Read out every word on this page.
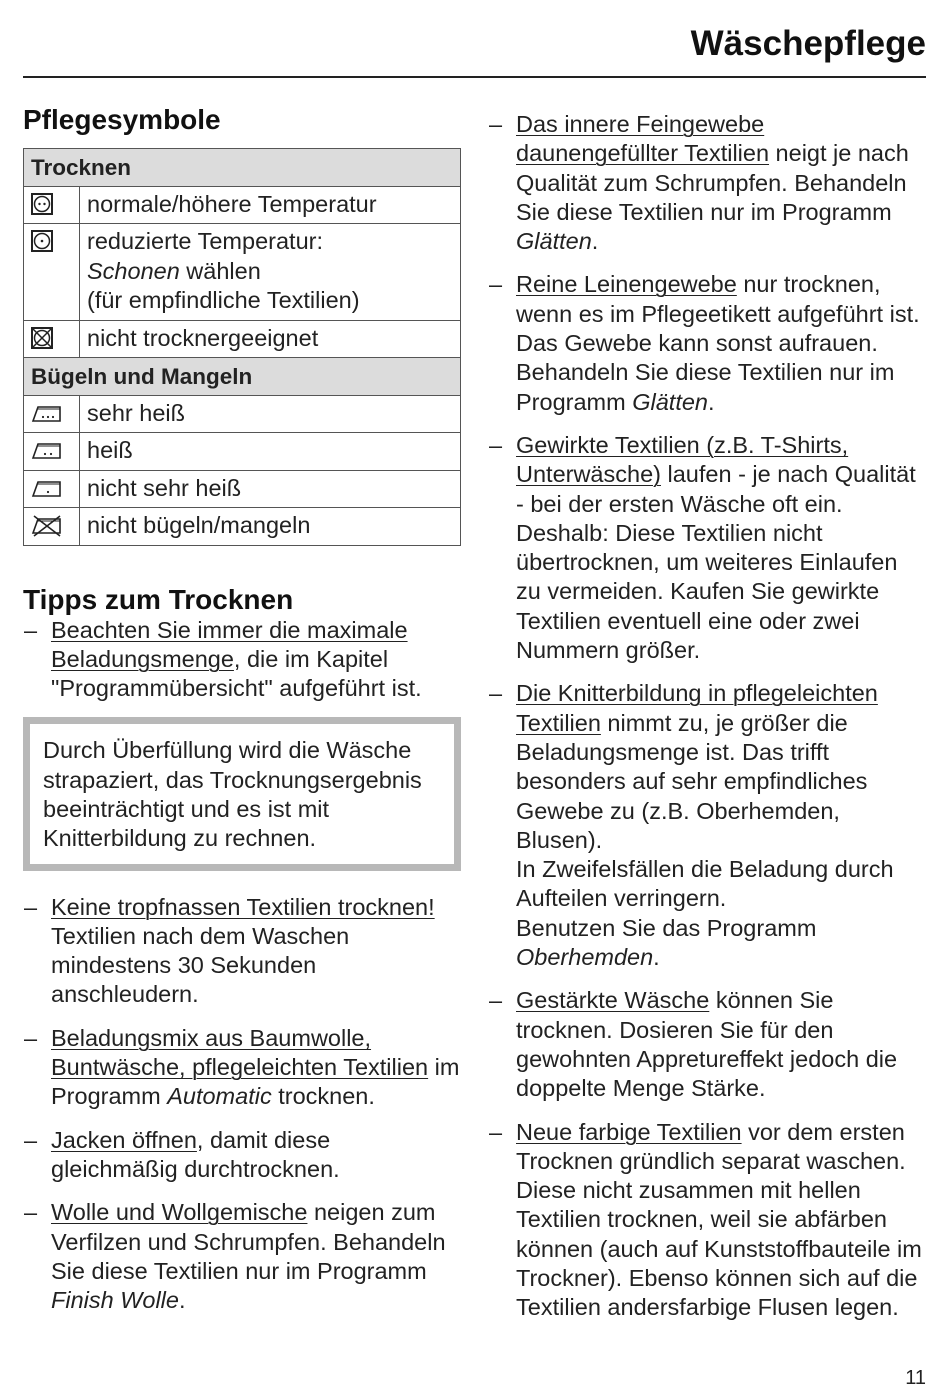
Wäschepflege
Pflegesymbole
Trocknen	

	normale/höhere Temperatur

	reduzierte Temperatur:
Schonen wählen
(für empfindliche Textilien)

	nicht trocknergeeignet
Bügeln und Mangeln	

	sehr heiß

	heiß

	nicht sehr heiß

	nicht bügeln/mangeln
Tipps zum Trocknen
– Beachten Sie immer die maximale Beladungsmenge, die im Kapitel "Programmübersicht" aufgeführt ist.
Durch Überfüllung wird die Wäsche strapaziert, das Trocknungsergebnis beeinträchtigt und es ist mit Knitterbildung zu rechnen.
– Keine tropfnassen Textilien trocknen! Textilien nach dem Waschen mindestens 30 Sekunden anschleudern.
– Beladungsmix aus Baumwolle, Buntwäsche, pflegeleichten Textilien im Programm Automatic trocknen.
– Jacken öffnen, damit diese gleichmäßig durchtrocknen.
– Wolle und Wollgemische neigen zum Verfilzen und Schrumpfen. Behandeln Sie diese Textilien nur im Programm Finish Wolle.
– Das innere Feingewebe daunengefüllter Textilien neigt je nach Qualität zum Schrumpfen. Behandeln Sie diese Textilien nur im Programm Glätten.
– Reine Leinengewebe nur trocknen, wenn es im Pflegeetikett aufgeführt ist. Das Gewebe kann sonst aufrauen. Behandeln Sie diese Textilien nur im Programm Glätten.
– Gewirkte Textilien (z.B. T-Shirts, Unterwäsche) laufen - je nach Qualität - bei der ersten Wäsche oft ein. Deshalb: Diese Textilien nicht übertrocknen, um weiteres Einlaufen zu vermeiden. Kaufen Sie gewirkte Textilien eventuell eine oder zwei Nummern größer.
– Die Knitterbildung in pflegeleichten Textilien nimmt zu, je größer die Beladungsmenge ist. Das trifft besonders auf sehr empfindliches Gewebe zu (z.B. Oberhemden, Blusen).
In Zweifelsfällen die Beladung durch Aufteilen verringern.
Benutzen Sie das Programm Oberhemden.
– Gestärkte Wäsche können Sie trocknen. Dosieren Sie für den gewohnten Appretureffekt jedoch die doppelte Menge Stärke.
– Neue farbige Textilien vor dem ersten Trocknen gründlich separat waschen. Diese nicht zusammen mit hellen Textilien trocknen, weil sie abfärben können (auch auf Kunststoffbauteile im Trockner). Ebenso können sich auf die Textilien andersfarbige Flusen legen.
11
